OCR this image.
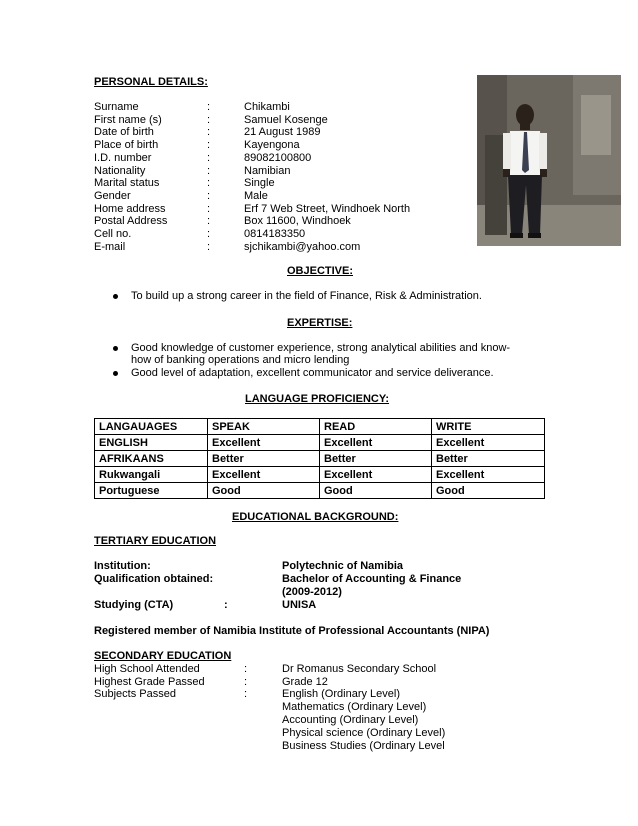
PERSONAL DETAILS:
Surname	:	Chikambi
First name (s)	:	Samuel Kosenge
Date of birth	:	21 August 1989
Place of birth	:	Kayengona
I.D. number	:	89082100800
Nationality	:	Namibian
Marital status	:	Single
Gender	:	Male
Home address	:	Erf 7 Web Street, Windhoek North
Postal Address	:	Box 11600, Windhoek
Cell no.	:	0814183350
E-mail	:	sjchikambi@yahoo.com
OBJECTIVE:
To build up a strong career in the field of Finance, Risk & Administration.
EXPERTISE:
Good knowledge of customer experience, strong analytical abilities and know-
how of banking operations and micro lending
Good level of adaptation, excellent communicator and service deliverance.
LANGUAGE PROFICIENCY:
LANGAUAGES	SPEAK	READ	WRITE
ENGLISH	Excellent	Excellent	Excellent
AFRIKAANS	Better	Better	Better
Rukwangali	Excellent	Excellent	Excellent
Portuguese	Good	Good	Good
EDUCATIONAL BACKGROUND:
TERTIARY EDUCATION
Institution:	Polytechnic of Namibia
Qualification obtained:	Bachelor of Accounting & Finance
(2009-2012)
Studying (CTA)	:	UNISA
Registered member of Namibia Institute of Professional Accountants (NIPA)
SECONDARY EDUCATION
High School Attended	:	Dr Romanus Secondary School
Highest Grade Passed	:	Grade 12
Subjects Passed	:	English (Ordinary Level)
Mathematics (Ordinary Level)
Accounting (Ordinary Level)
Physical science (Ordinary Level)
Business Studies (Ordinary Level
